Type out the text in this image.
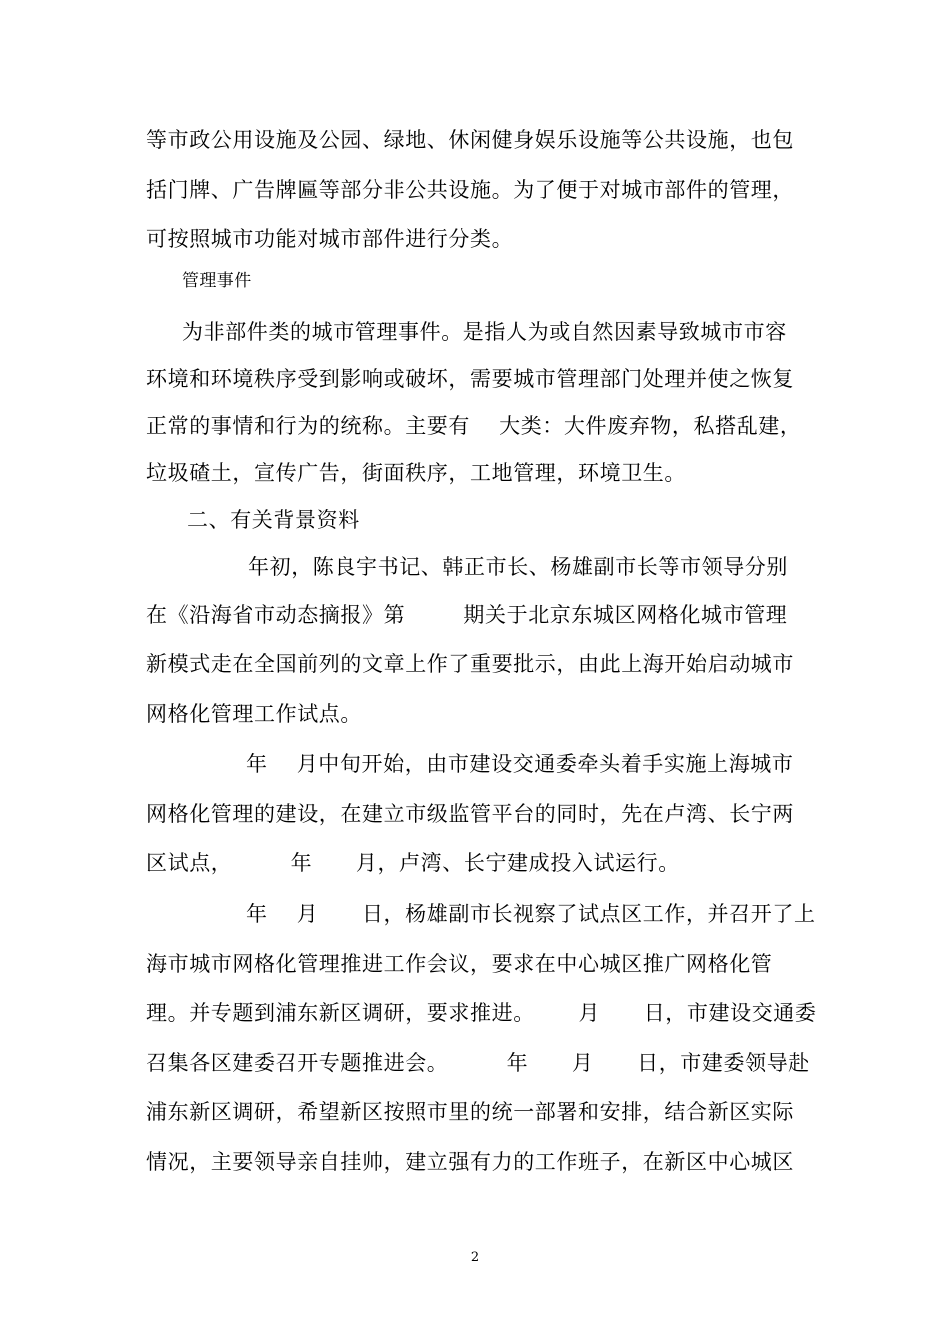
等市政公用设施及公园、绿地、休闲健身娱乐设施等公共设施，也包
括门牌、广告牌匾等部分非公共设施。为了便于对城市部件的管理，
可按照城市功能对城市部件进行分类。
管理事件
为非部件类的城市管理事件。是指人为或自然因素导致城市市容
环境和环境秩序受到影响或破坏，需要城市管理部门处理并使之恢复
正常的事情和行为的统称。主要有    大类：大件废弃物，私搭乱建，
垃圾碴土，宣传广告，街面秩序，工地管理，环境卫生。
二、有关背景资料
年初，陈良宇书记、韩正市长、杨雄副市长等市领导分别
在《沿海省市动态摘报》第        期关于北京东城区网格化城市管理
新模式走在全国前列的文章上作了重要批示，由此上海开始启动城市
网格化管理工作试点。
年    月中旬开始，由市建设交通委牵头着手实施上海城市
网格化管理的建设，在建立市级监管平台的同时，先在卢湾、长宁两
区试点，        年      月，卢湾、长宁建成投入试运行。
年    月      日，杨雄副市长视察了试点区工作，并召开了上
海市城市网格化管理推进工作会议，要求在中心城区推广网格化管
理。并专题到浦东新区调研，要求推进。      月      日，市建设交通委
召集各区建委召开专题推进会。        年      月      日，市建委领导赴
浦东新区调研，希望新区按照市里的统一部署和安排，结合新区实际
情况，主要领导亲自挂帅，建立强有力的工作班子，在新区中心城区
2
